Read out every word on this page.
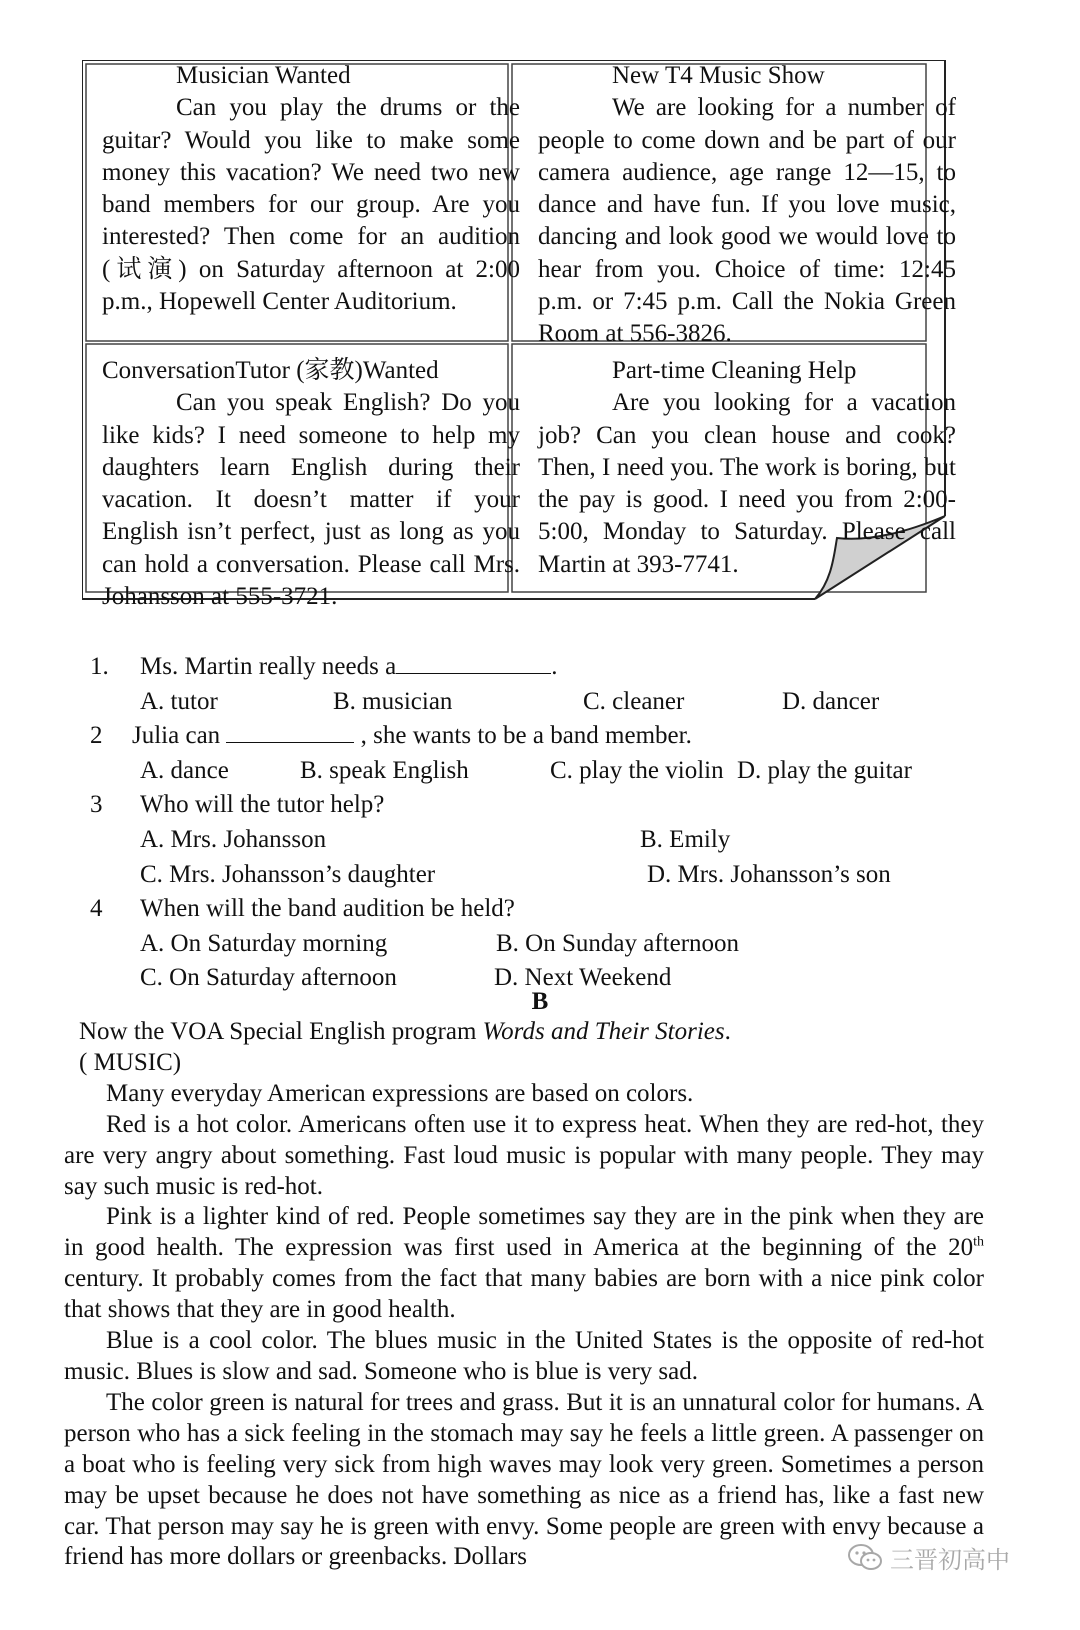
Musician Wanted
Can you play the drums or the guitar? Would you like to make some money this vacation? We need two new band members for our group. Are you interested? Then come for an audition (试演) on Saturday afternoon at 2:00 p.m., Hopewell Center Auditorium.
New T4 Music Show
We are looking for a number of people to come down and be part of our camera audience, age range 12—15, to dance and have fun. If you love music, dancing and look good we would love to hear from you. Choice of time: 12:45 p.m. or 7:45 p.m. Call the Nokia Green Room at 556-3826.
ConversationTutor (家教)Wanted
Can you speak English? Do you like kids? I need someone to help my daughters learn English during their vacation. It doesn’t matter if your English isn’t perfect, just as long as you can hold a conversation. Please call Mrs. Johansson at 555-3721.
Part-time Cleaning Help
Are you looking for a vacation job? Can you clean house and cook? Then, I need you. The work is boring, but the pay is good. I need you from 2:00-5:00, Monday to Saturday. Please call Martin at 393-7741.
1. Ms. Martin really needs a	.
A. tutor	B. musician	C. cleaner	D. dancer
2 Julia can	, she wants to be a band member.
A. dance	B. speak English	C. play the violin D. play the guitar
3 Who will the tutor help?
A. Mrs. Johansson	B. Emily
C. Mrs. Johansson’s daughter	D. Mrs. Johansson’s son
4 When will the band audition be held?
A. On Saturday morning	B. On Sunday afternoon
C. On Saturday afternoon	D. Next Weekend
B

Now the VOA Special English program Words and Their Stories.

( MUSIC)

Many everyday American expressions are based on colors.

Red is a hot color. Americans often use it to express heat. When they are red-hot, they are very angry about something. Fast loud music is popular with many people. They may say such music is red-hot.

Pink is a lighter kind of red. People sometimes say they are in the pink when they are in good health. The expression was first used in America at the beginning of the 20th century. It probably comes from the fact that many babies are born with a nice pink color that shows that they are in good health.

Blue is a cool color. The blues music in the United States is the opposite of red-hot music. Blues is slow and sad. Someone who is blue is very sad.

The color green is natural for trees and grass. But it is an unnatural color for humans. A person who has a sick feeling in the stomach may say he feels a little green. A passenger on a boat who is feeling very sick from high waves may look very green. Sometimes a person may be upset because he does not have something as nice as a friend has, like a fast new car. That person may say he is green with envy. Some people are green with envy because a friend has more dollars or greenbacks. Dollars	三晋初高中
